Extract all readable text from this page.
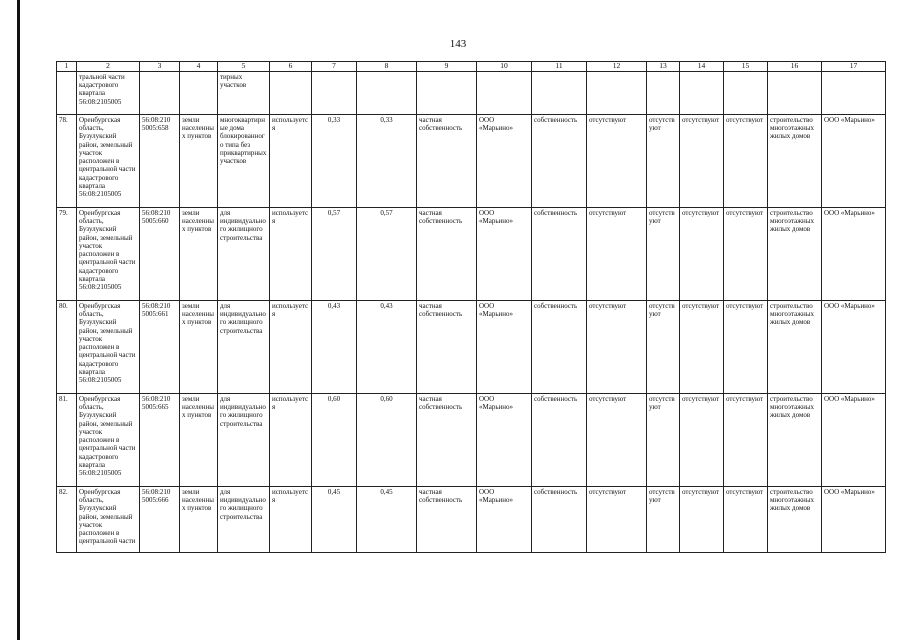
143
1	2	3	4	5	6	7	8	9	10	11	12	13	14	15	16	17
	тральной части кадастрового квартала 56:08:2105005			тирных участков												
78.	Оренбургская область, Бузулукский район, земельный участок расположен в центральной части кадастрового квартала 56:08:2105005	56:08:210 5005:658	земли населенных пунктов	многоквартирные дома блокированного типа без приквартирных участков	используется	0,33	0,33	частная собственность	ООО «Марьино»	собственность	отсутствуют	отсутствуют	отсутствуют	отсутствуют	строительство многоэтажных жилых домов	ООО «Марьино»
79.	Оренбургская область, Бузулукский район, земельный участок расположен в центральной части кадастрового квартала 56:08:2105005	56:08:210 5005:660	земли населенных пунктов	для индивидуального жилищного строительства	используется	0,57	0,57	частная собственность	ООО «Марьино»	собственность	отсутствуют	отсутствуют	отсутствуют	отсутствуют	строительство многоэтажных жилых домов	ООО «Марьино»
80.	Оренбургская область, Бузулукский район, земельный участок расположен в центральной части кадастрового квартала 56:08:2105005	56:08:210 5005:661	земли населенных пунктов	для индивидуального жилищного строительства	используется	0,43	0,43	частная собственность	ООО «Марьино»	собственность	отсутствуют	отсутствуют	отсутствуют	отсутствуют	строительство многоэтажных жилых домов	ООО «Марьино»
81.	Оренбургская область, Бузулукский район, земельный участок расположен в центральной части кадастрового квартала 56:08:2105005	56:08:210 5005:665	земли населенных пунктов	для индивидуального жилищного строительства	используется	0,60	0,60	частная собственность	ООО «Марьино»	собственность	отсутствуют	отсутствуют	отсутствуют	отсутствуют	строительство многоэтажных жилых домов	ООО «Марьино»
82.	Оренбургская область, Бузулукский район, земельный участок расположен в центральной части	56:08:210 5005:666	земли населенных пунктов	для индивидуального жилищного строительства	используется	0,45	0,45	частная собственность	ООО «Марьино»	собственность	отсутствуют	отсутствуют	отсутствуют	отсутствуют	строительство многоэтажных жилых домов	ООО «Марьино»
